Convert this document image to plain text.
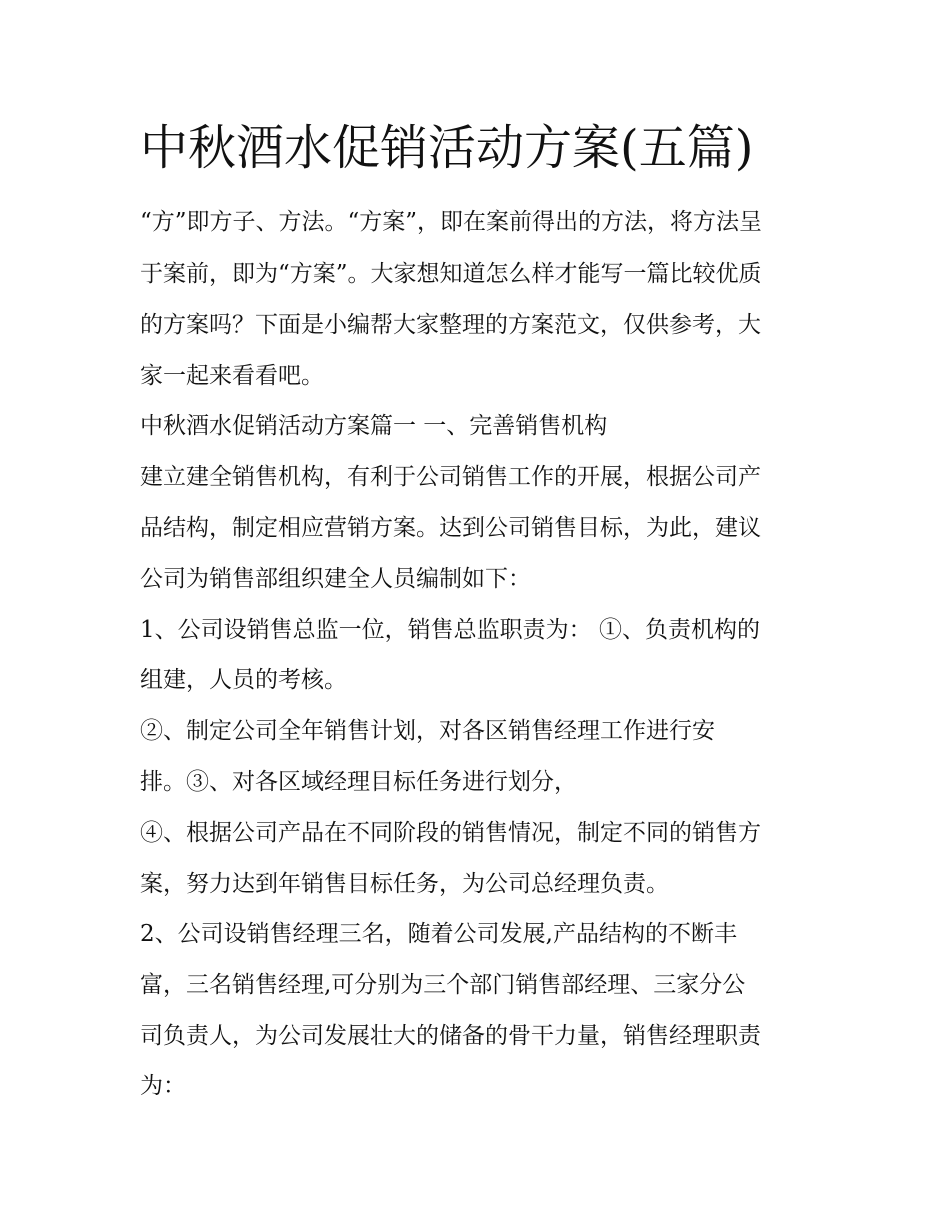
中秋酒水促销活动方案(五篇)

“方”即方子、方法。“方案”，即在案前得出的方法，将方法呈

于案前，即为“方案”。大家想知道怎么样才能写一篇比较优质

的方案吗？下面是小编帮大家整理的方案范文，仅供参考，大

家一起来看看吧。

中秋酒水促销活动方案篇一 一、完善销售机构

建立建全销售机构，有利于公司销售工作的开展，根据公司产

品结构，制定相应营销方案。达到公司销售目标，为此，建议

公司为销售部组织建全人员编制如下：

1、公司设销售总监一位，销售总监职责为： ①、负责机构的

组建，人员的考核。

②、制定公司全年销售计划，对各区销售经理工作进行安

排。③、对各区域经理目标任务进行划分，

④、根据公司产品在不同阶段的销售情况，制定不同的销售方

案，努力达到年销售目标任务，为公司总经理负责。

2、公司设销售经理三名，随着公司发展,产品结构的不断丰

富，三名销售经理,可分别为三个部门销售部经理、三家分公

司负责人，为公司发展壮大的储备的骨干力量，销售经理职责

为：
